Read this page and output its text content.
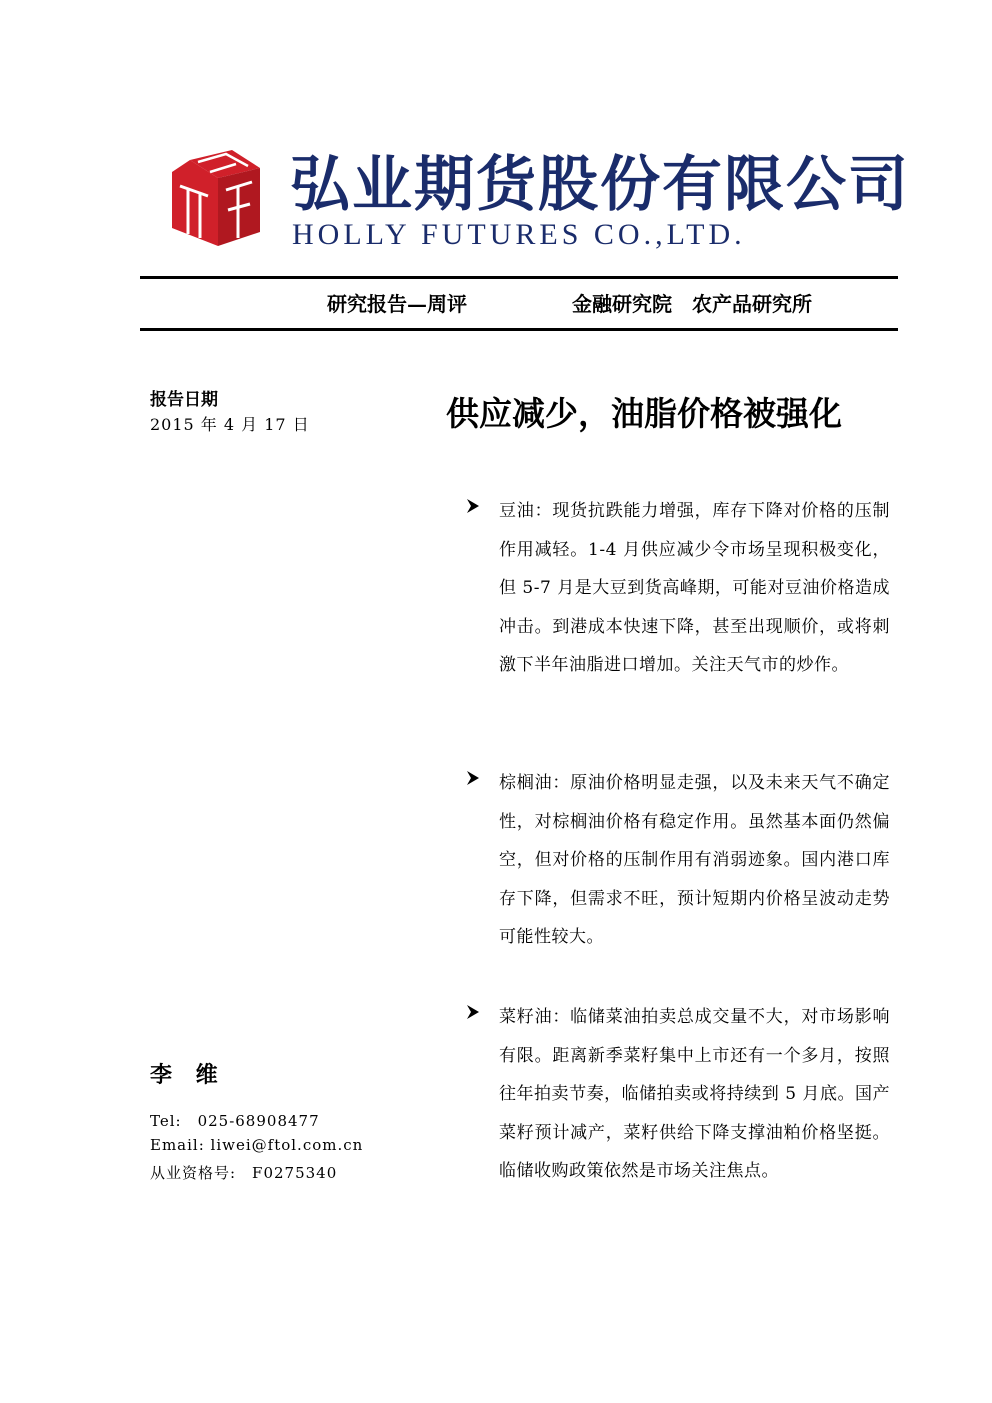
弘业期货股份有限公司
HOLLY FUTURES CO.,LTD.
研究报告—周评	金融研究院　农产品研究所
报告日期
2015 年 4 月 17 日	供应减少，油脂价格被强化
豆油：现货抗跌能力增强，库存下降对价格的压制作用减轻。1-4 月供应减少令市场呈现积极变化，但 5-7 月是大豆到货高峰期，可能对豆油价格造成冲击。到港成本快速下降，甚至出现顺价，或将刺激下半年油脂进口增加。关注天气市的炒作。
棕榈油：原油价格明显走强，以及未来天气不确定性，对棕榈油价格有稳定作用。虽然基本面仍然偏空，但对价格的压制作用有消弱迹象。国内港口库存下降，但需求不旺，预计短期内价格呈波动走势可能性较大。
菜籽油：临储菜油拍卖总成交量不大，对市场影响有限。距离新季菜籽集中上市还有一个多月，按照往年拍卖节奏，临储拍卖或将持续到 5 月底。国产菜籽预计减产，菜籽供给下降支撑油粕价格坚挺。临储收购政策依然是市场关注焦点。
李 维
Tel:　025-68908477
Email: liwei@ftol.com.cn
从业资格号:　F0275340
